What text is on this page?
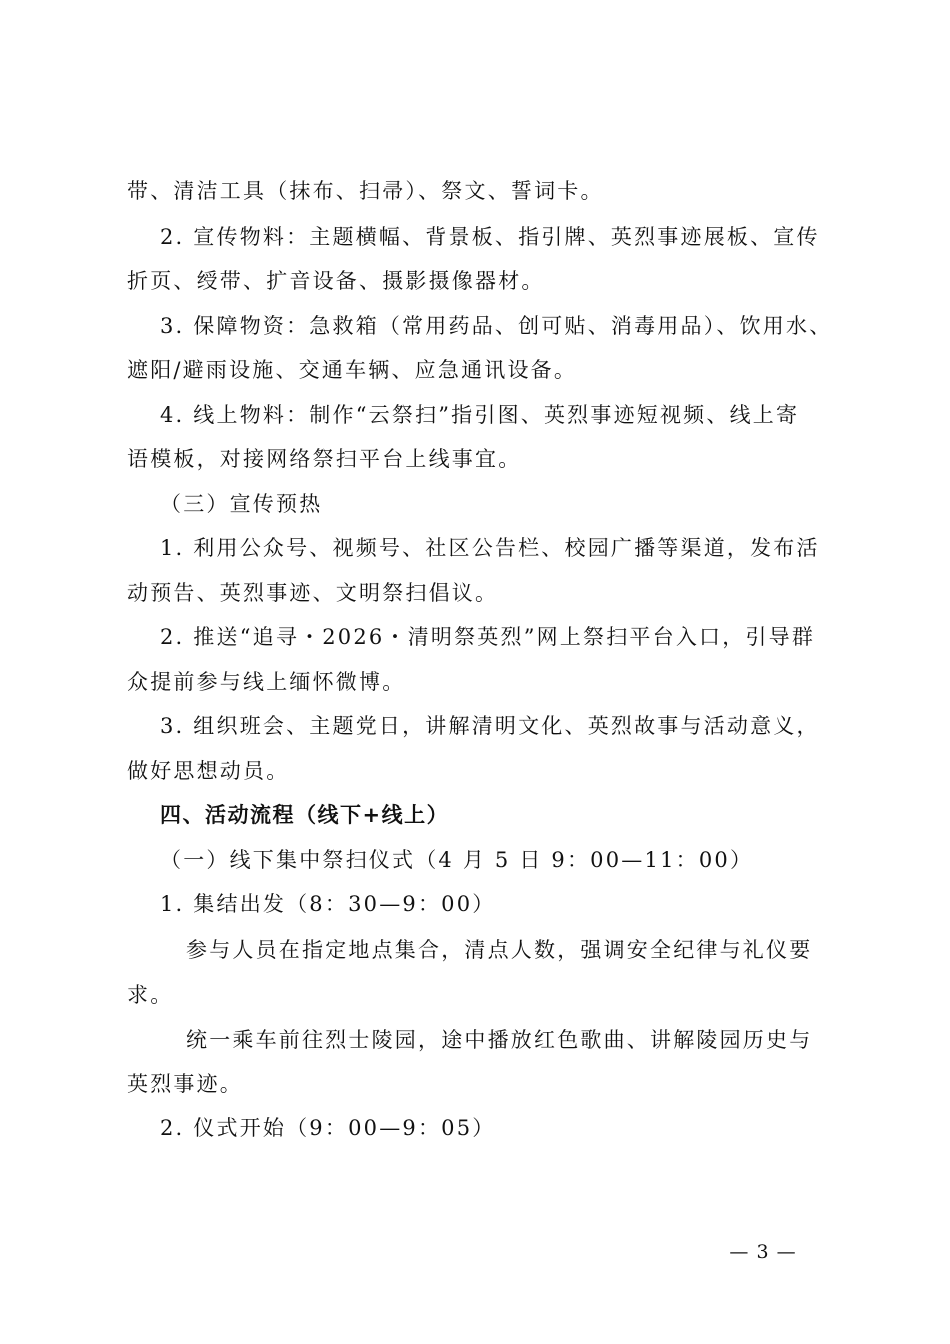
带、清洁工具（抹布、扫帚）、祭文、誓词卡。
2. 宣传物料：主题横幅、背景板、指引牌、英烈事迹展板、宣传
折页、绶带、扩音设备、摄影摄像器材。
3. 保障物资：急救箱（常用药品、创可贴、消毒用品）、饮用水、
遮阳/避雨设施、交通车辆、应急通讯设备。
4. 线上物料：制作“云祭扫”指引图、英烈事迹短视频、线上寄
语模板，对接网络祭扫平台上线事宜。
（三）宣传预热
1. 利用公众号、视频号、社区公告栏、校园广播等渠道，发布活
动预告、英烈事迹、文明祭扫倡议。
2. 推送“追寻・2026・清明祭英烈”网上祭扫平台入口，引导群
众提前参与线上缅怀微博。
3. 组织班会、主题党日，讲解清明文化、英烈故事与活动意义，
做好思想动员。
四、活动流程（线下+线上）
（一）线下集中祭扫仪式（4 月 5 日 9：00—11：00）
1. 集结出发（8：30—9：00）
参与人员在指定地点集合，清点人数，强调安全纪律与礼仪要
求。
统一乘车前往烈士陵园，途中播放红色歌曲、讲解陵园历史与
英烈事迹。
2. 仪式开始（9：00—9：05）
— 3 —
